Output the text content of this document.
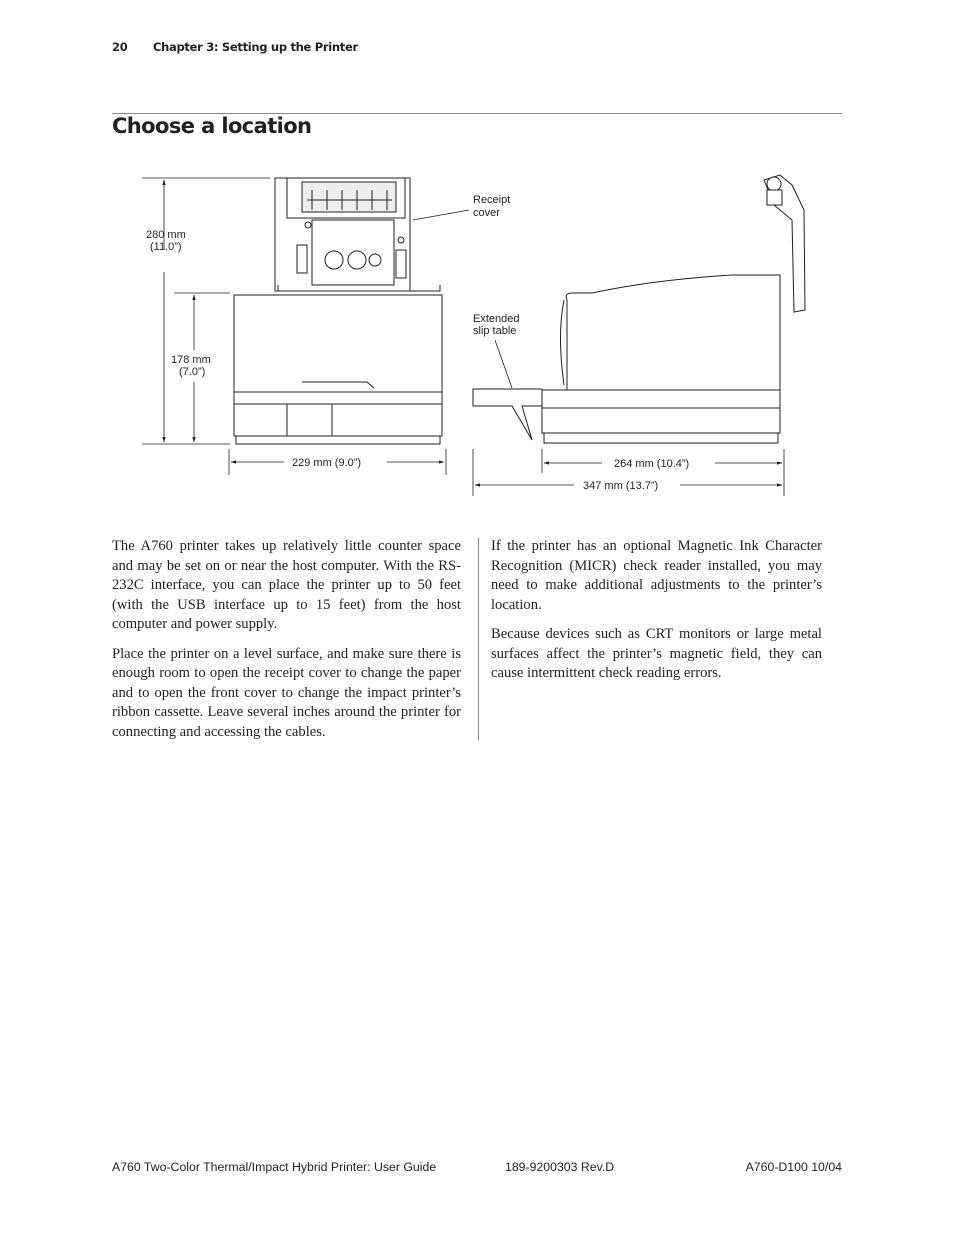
20 Chapter 3: Setting up the Printer
Choose a location
280 mm
(11.0”)
178 mm
(7.0”)
229 mm (9.0”)
Receipt
cover
Extended
slip table
264 mm (10.4”)
347 mm (13.7”)

The A760 printer takes up relatively little counter space and may be set on or near the host computer. With the RS-232C interface, you can place the printer up to 50 feet (with the USB interface up to 15 feet) from the host computer and power supply.

Place the printer on a level surface, and make sure there is enough room to open the receipt cover to change the paper and to open the front cover to change the impact printer’s ribbon cassette. Leave several inches around the printer for connecting and accessing the cables.

If the printer has an optional Magnetic Ink Character Recognition (MICR) check reader installed, you may need to make additional adjustments to the printer’s location.

Because devices such as CRT monitors or large metal surfaces affect the printer’s magnetic field, they can cause intermittent check reading errors.

A760 Two-Color Thermal/Impact Hybrid Printer: User Guide	189-9200303 Rev.D	A760-D100 10/04
